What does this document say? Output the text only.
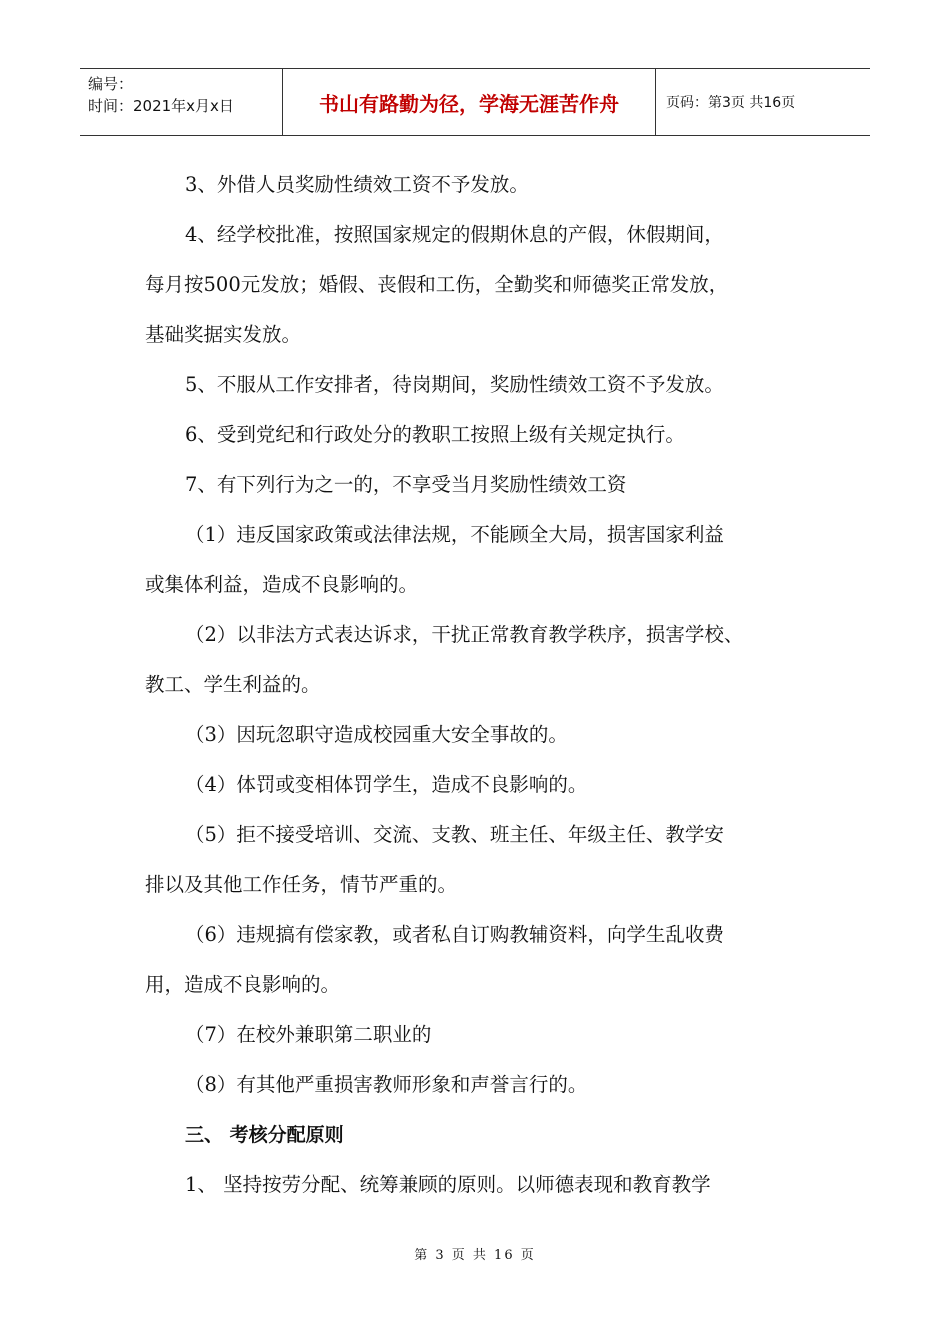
编号：
时间：2021年x月x日	书山有路勤为径，学海无涯苦作舟	页码：第3页 共16页

3、外借人员奖励性绩效工资不予发放。

4、经学校批准，按照国家规定的假期休息的产假，休假期间，

每月按500元发放；婚假、丧假和工伤，全勤奖和师德奖正常发放，

基础奖据实发放。

5、不服从工作安排者，待岗期间，奖励性绩效工资不予发放。

6、受到党纪和行政处分的教职工按照上级有关规定执行。

7、有下列行为之一的，不享受当月奖励性绩效工资

（1）违反国家政策或法律法规，不能顾全大局，损害国家利益

或集体利益，造成不良影响的。

（2）以非法方式表达诉求，干扰正常教育教学秩序，损害学校、

教工、学生利益的。

（3）因玩忽职守造成校园重大安全事故的。

（4）体罚或变相体罚学生，造成不良影响的。

（5）拒不接受培训、交流、支教、班主任、年级主任、教学安

排以及其他工作任务，情节严重的。

（6）违规搞有偿家教，或者私自订购教辅资料，向学生乱收费

用，造成不良影响的。

（7）在校外兼职第二职业的

（8）有其他严重损害教师形象和声誉言行的。

三、 考核分配原则

1、 坚持按劳分配、统筹兼顾的原则。以师德表现和教育教学

第 3 页 共 16 页
